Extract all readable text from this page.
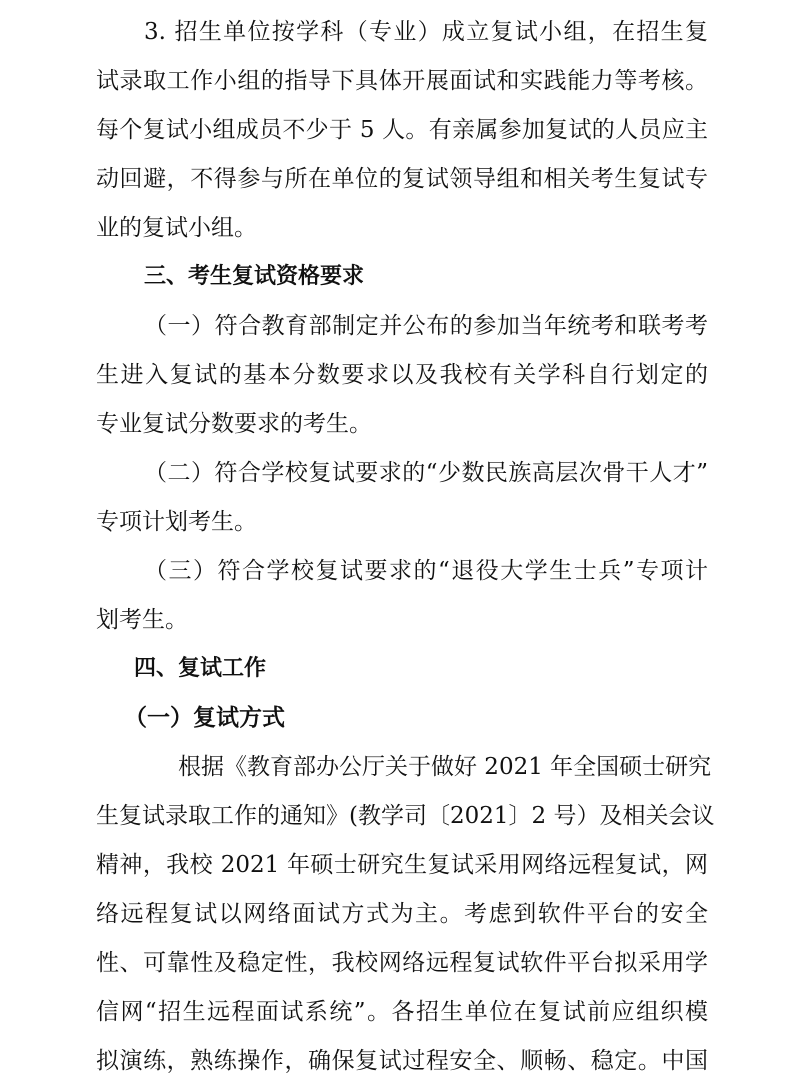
3. 招生单位按学科（专业）成立复试小组，在招生复
试录取工作小组的指导下具体开展面试和实践能力等考核。
每个复试小组成员不少于 5 人。有亲属参加复试的人员应主
动回避，不得参与所在单位的复试领导组和相关考生复试专
业的复试小组。
三、考生复试资格要求
（一）符合教育部制定并公布的参加当年统考和联考考
生进入复试的基本分数要求以及我校有关学科自行划定的
专业复试分数要求的考生。
（二）符合学校复试要求的“少数民族高层次骨干人才”
专项计划考生。
（三）符合学校复试要求的“退役大学生士兵”专项计
划考生。
四、复试工作
（一）复试方式
根据《教育部办公厅关于做好 2021 年全国硕士研究
生复试录取工作的通知》(教学司〔2021〕2 号）及相关会议
精神，我校 2021 年硕士研究生复试采用网络远程复试，网
络远程复试以网络面试方式为主。考虑到软件平台的安全
性、可靠性及稳定性，我校网络远程复试软件平台拟采用学
信网“招生远程面试系统”。各招生单位在复试前应组织模
拟演练，熟练操作，确保复试过程安全、顺畅、稳定。中国
